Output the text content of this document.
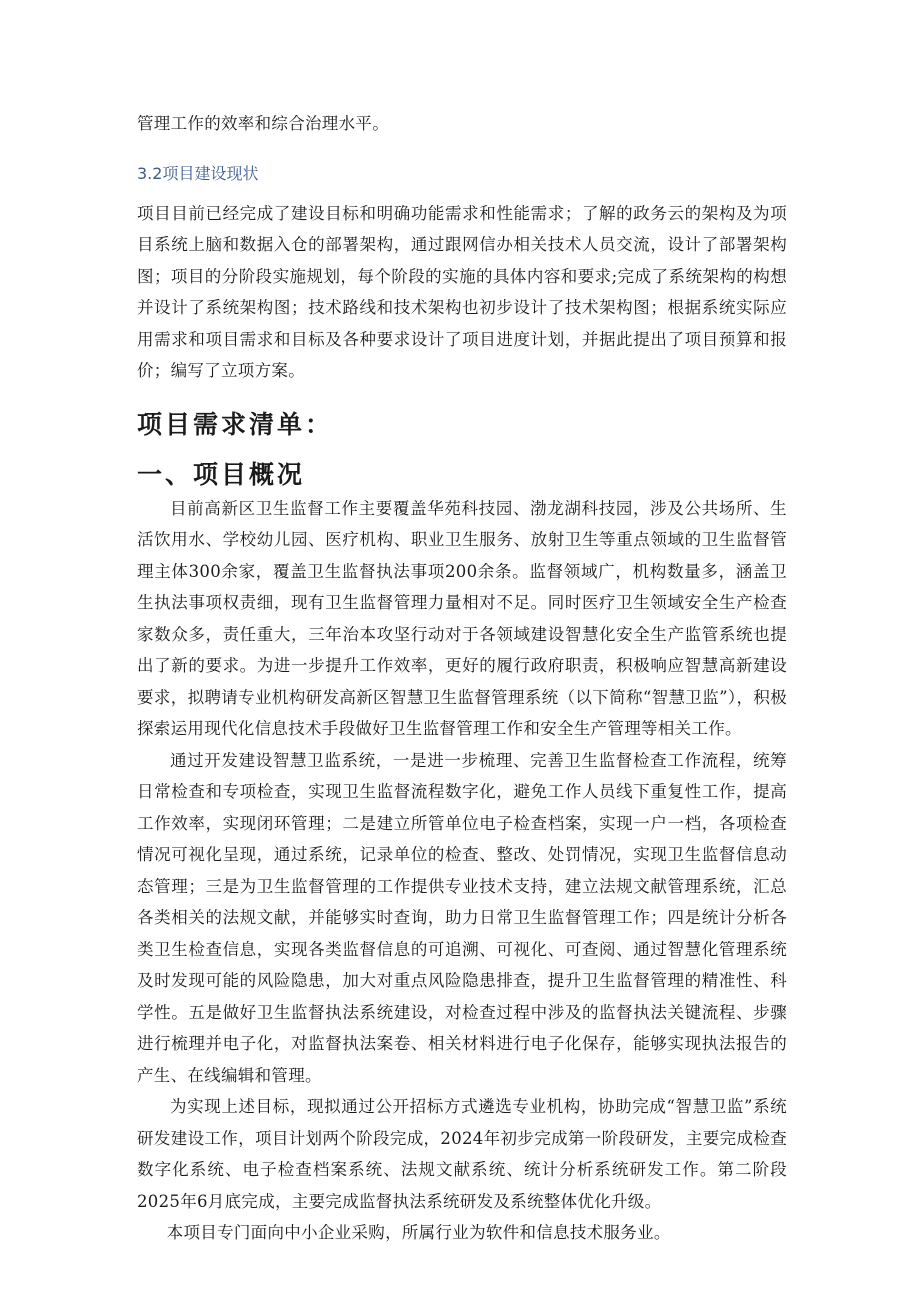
管理工作的效率和综合治理水平。

3.2项目建设现状

项目目前已经完成了建设目标和明确功能需求和性能需求；了解的政务云的架构及为项目系统上脑和数据入仓的部署架构，通过跟网信办相关技术人员交流，设计了部署架构图；项目的分阶段实施规划，每个阶段的实施的具体内容和要求;完成了系统架构的构想并设计了系统架构图；技术路线和技术架构也初步设计了技术架构图；根据系统实际应用需求和项目需求和目标及各种要求设计了项目进度计划，并据此提出了项目预算和报价；编写了立项方案。

项目需求清单：
一、项目概况

目前高新区卫生监督工作主要覆盖华苑科技园、渤龙湖科技园，涉及公共场所、生活饮用水、学校幼儿园、医疗机构、职业卫生服务、放射卫生等重点领域的卫生监督管理主体300余家，覆盖卫生监督执法事项200余条。监督领域广，机构数量多，涵盖卫生执法事项权责细，现有卫生监督管理力量相对不足。同时医疗卫生领域安全生产检查家数众多，责任重大，三年治本攻坚行动对于各领域建设智慧化安全生产监管系统也提出了新的要求。为进一步提升工作效率，更好的履行政府职责，积极响应智慧高新建设要求，拟聘请专业机构研发高新区智慧卫生监督管理系统（以下简称“智慧卫监”），积极探索运用现代化信息技术手段做好卫生监督管理工作和安全生产管理等相关工作。

通过开发建设智慧卫监系统，一是进一步梳理、完善卫生监督检查工作流程，统筹日常检查和专项检查，实现卫生监督流程数字化，避免工作人员线下重复性工作，提高工作效率，实现闭环管理；二是建立所管单位电子检查档案，实现一户一档，各项检查情况可视化呈现，通过系统，记录单位的检查、整改、处罚情况，实现卫生监督信息动态管理；三是为卫生监督管理的工作提供专业技术支持，建立法规文献管理系统，汇总各类相关的法规文献，并能够实时查询，助力日常卫生监督管理工作；四是统计分析各类卫生检查信息，实现各类监督信息的可追溯、可视化、可查阅、通过智慧化管理系统及时发现可能的风险隐患，加大对重点风险隐患排查，提升卫生监督管理的精准性、科学性。五是做好卫生监督执法系统建设，对检查过程中涉及的监督执法关键流程、步骤进行梳理并电子化，对监督执法案卷、相关材料进行电子化保存，能够实现执法报告的产生、在线编辑和管理。

为实现上述目标，现拟通过公开招标方式遴选专业机构，协助完成“智慧卫监”系统研发建设工作，项目计划两个阶段完成，2024年初步完成第一阶段研发，主要完成检查数字化系统、电子检查档案系统、法规文献系统、统计分析系统研发工作。第二阶段2025年6月底完成，主要完成监督执法系统研发及系统整体优化升级。

本项目专门面向中小企业采购，所属行业为软件和信息技术服务业。
